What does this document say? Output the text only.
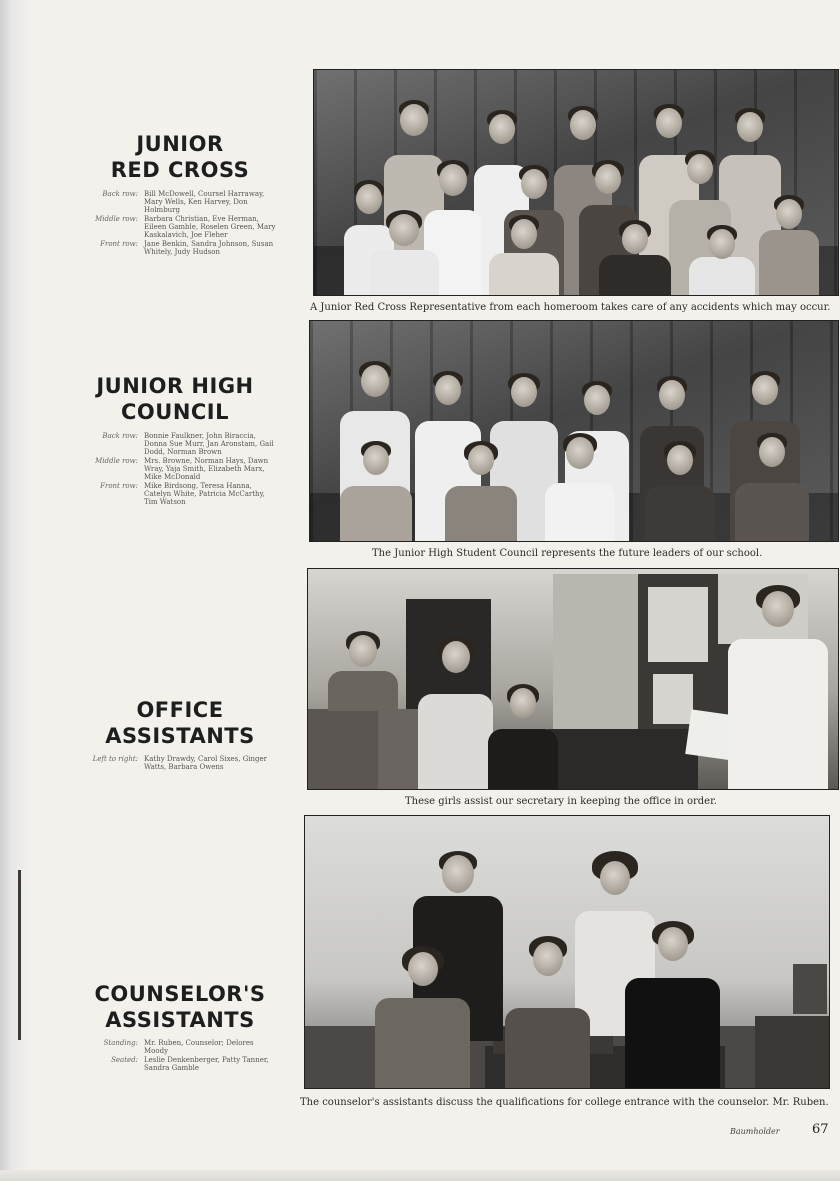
JUNIOR
RED CROSS
Back row: Bill McDowell, Coursel Harraway, Mary Wells, Ken Harvey, Don Holmburg
Middle row: Barbara Christian, Eve Herman, Eileen Gamble, Roselen Green, Mary Kaskalavich, Joe Fleher
Front row: Jane Benkin, Sandra Johnson, Susan Whitely, Judy Hudson
A Junior Red Cross Representative from each homeroom takes care of any accidents which may occur.
JUNIOR HIGH
COUNCIL
Back row: Bonnie Faulkner, John Biraccia, Donna Sue Murr, Jan Aronstam, Gail Dodd, Norman Brown
Middle row: Mrs. Browne, Norman Hays, Dawn Wray, Yaja Smith, Elizabeth Marx, Mike McDonald
Front row: Mike Birdsong, Teresa Hanna, Catelyn White, Patricia McCarthy, Tim Watson
The Junior High Student Council represents the future leaders of our school.
OFFICE
ASSISTANTS
Left to right: Kathy Drawdy, Carol Sixes, Ginger Watts, Barbara Owens
These girls assist our secretary in keeping the office in order.
COUNSELOR'S
ASSISTANTS
Standing: Mr. Ruben, Counselor; Delores Moody
Seated: Leslie Denkenberger, Patty Tanner, Sandra Gamble
The counselor's assistants discuss the qualifications for college entrance with the counselor. Mr. Ruben.
Baumholder 67
